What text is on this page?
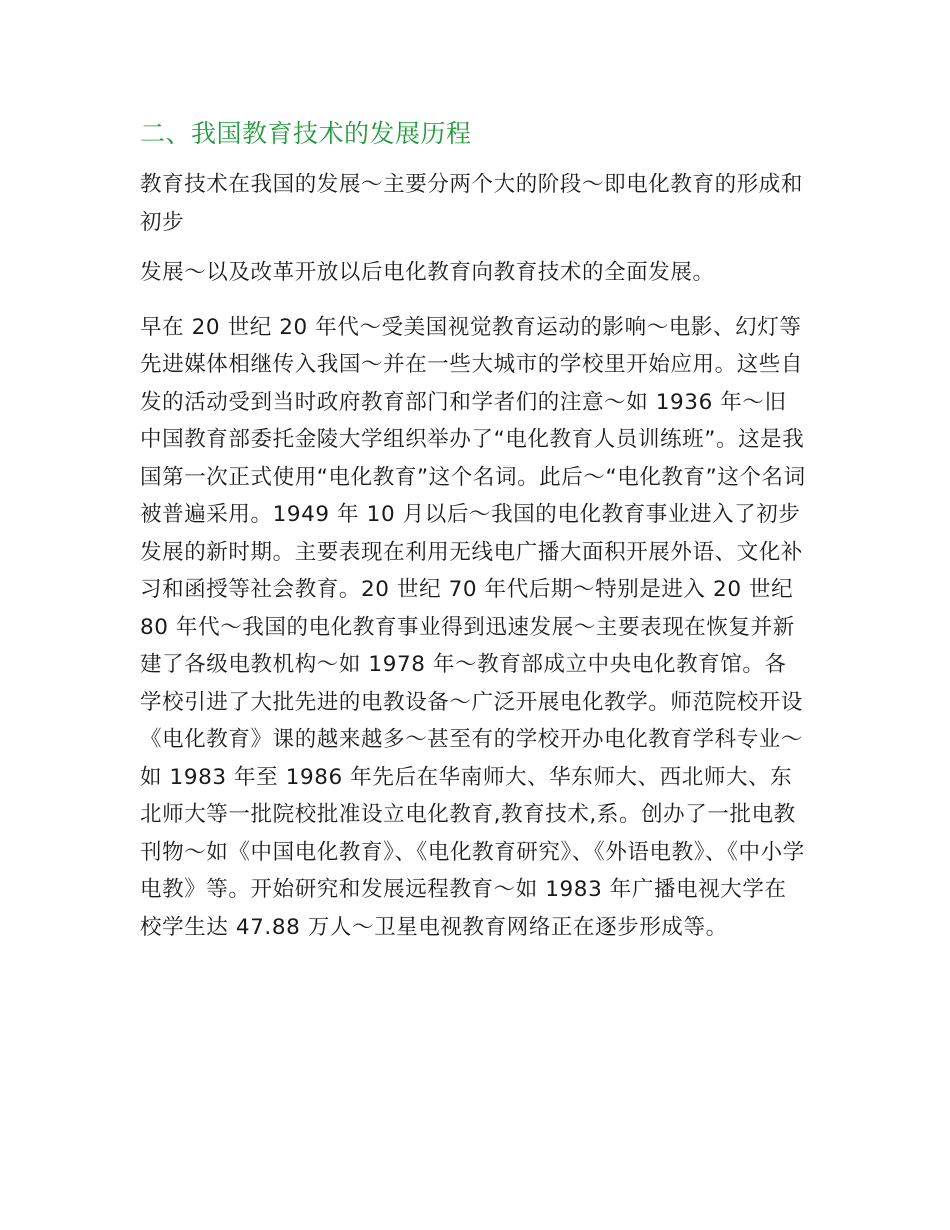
二、我国教育技术的发展历程

教育技术在我国的发展～主要分两个大的阶段～即电化教育的形成和初步

发展～以及改革开放以后电化教育向教育技术的全面发展。

早在 20 世纪 20 年代～受美国视觉教育运动的影响～电影、幻灯等先进媒体相继传入我国～并在一些大城市的学校里开始应用。这些自发的活动受到当时政府教育部门和学者们的注意～如 1936 年～旧中国教育部委托金陵大学组织举办了“电化教育人员训练班”。这是我国第一次正式使用“电化教育”这个名词。此后～“电化教育”这个名词被普遍采用。1949 年 10 月以后～我国的电化教育事业进入了初步发展的新时期。主要表现在利用无线电广播大面积开展外语、文化补习和函授等社会教育。20 世纪 70 年代后期～特别是进入 20 世纪 80 年代～我国的电化教育事业得到迅速发展～主要表现在恢复并新建了各级电教机构～如 1978 年～教育部成立中央电化教育馆。各学校引进了大批先进的电教设备～广泛开展电化教学。师范院校开设《电化教育》课的越来越多～甚至有的学校开办电化教育学科专业～如 1983 年至 1986 年先后在华南师大、华东师大、西北师大、东北师大等一批院校批准设立电化教育,教育技术,系。创办了一批电教刊物～如《中国电化教育》、《电化教育研究》、《外语电教》、《中小学电教》等。开始研究和发展远程教育～如 1983 年广播电视大学在校学生达 47.88 万人～卫星电视教育网络正在逐步形成等。
